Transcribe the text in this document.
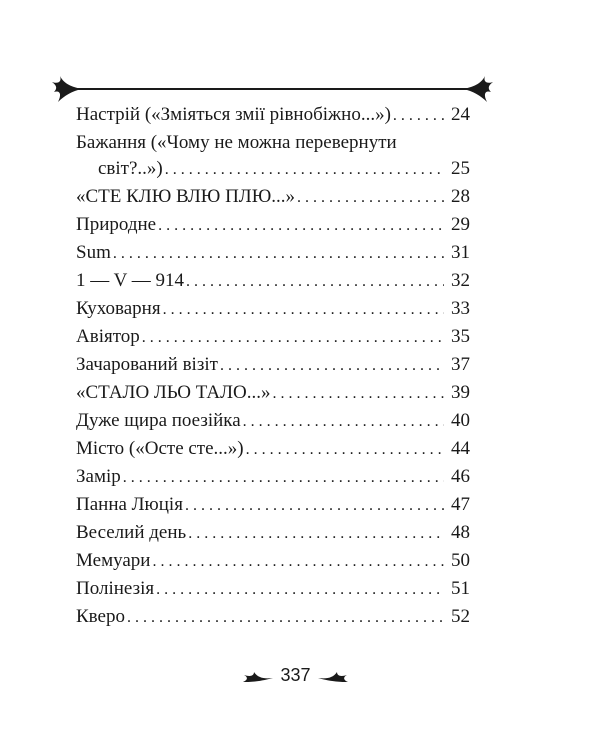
Настрій («Зміяться змії рівнобіжно...») . . .	24
Бажання («Чому не можна перевернути
світ?..») . . .	25
«СТЕ КЛЮ ВЛЮ ПЛЮ...» . . .	28
Природне . . .	29
Sum . . .	31
1 — V — 914 . . .	32
Куховарня . . .	33
Авіятор . . .	35
Зачарований візіт . . .	37
«СТАЛО ЛЬО ТАЛО...» . . .	39
Дуже щира поезійка . . .	40
Місто («Осте сте...») . . .	44
Замір . . .	46
Панна Люція . . .	47
Веселий день . . .	48
Мемуари . . .	50
Полінезія . . .	51
Кверо . . .	52
337
